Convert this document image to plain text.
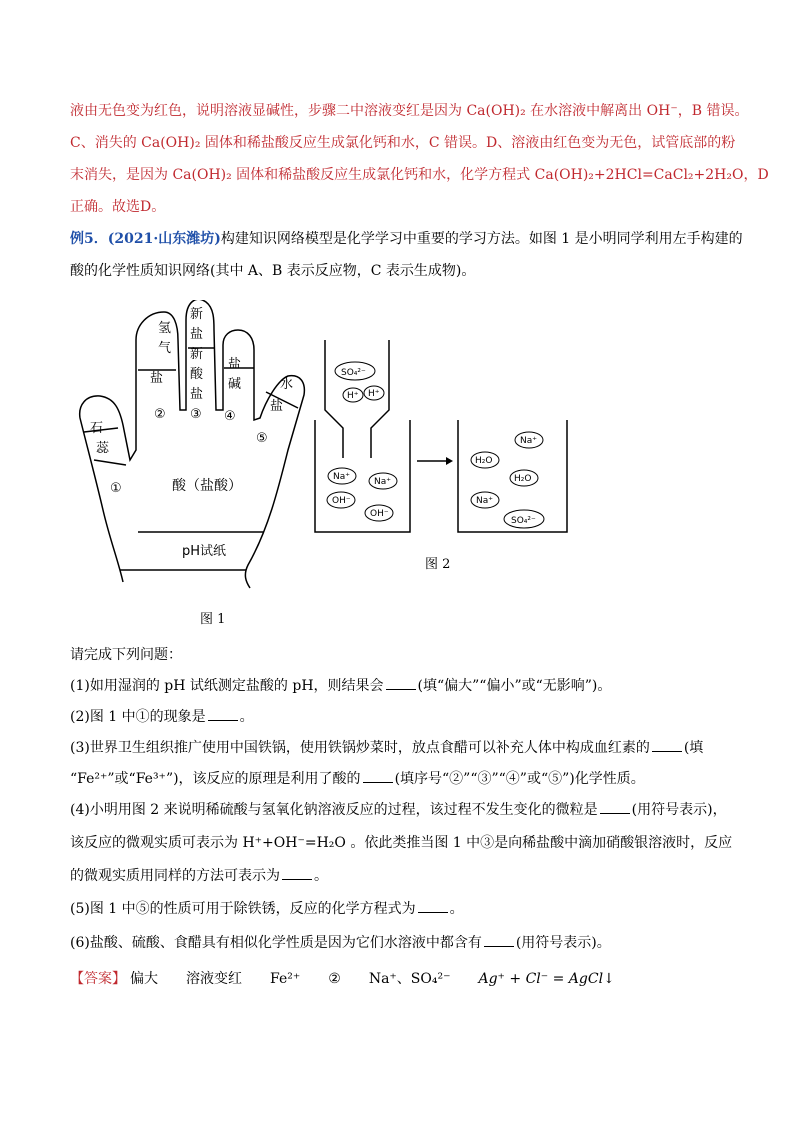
液由无色变为红色，说明溶液显碱性，步骤二中溶液变红是因为 Ca(OH)₂ 在水溶液中解离出 OH⁻，B 错误。
C、消失的 Ca(OH)₂ 固体和稀盐酸反应生成氯化钙和水，C 错误。D、溶液由红色变为无色，试管底部的粉
末消失，是因为 Ca(OH)₂ 固体和稀盐酸反应生成氯化钙和水，化学方程式 Ca(OH)₂+2HCl=CaCl₂+2H₂O，D
正确。故选D。
例5．(2021·山东潍坊)构建知识网络模型是化学学习中重要的学习方法。如图 1 是小明同学利用左手构建的
酸的化学性质知识网络(其中 A、B 表示反应物，C 表示生成物)。
氢
气
盐
新
盐
新
酸
盐
盐
碱	水
盐
石
蕊
①
② ③ ④
⑤
酸（盐酸）
pH试纸
图 1
SO₄²⁻
H⁺ H⁺
Na⁺	Na⁺
OH⁻
OH⁻
H₂O
Na⁺
H₂O
Na⁺
SO₄²⁻
图 2
请完成下列问题：
(1)如用湿润的 pH 试纸测定盐酸的 pH，则结果会 (填“偏大”“偏小”或“无影响”)。
(2)图 1 中①的现象是 。
(3)世界卫生组织推广使用中国铁锅，使用铁锅炒菜时，放点食醋可以补充人体中构成血红素的 (填
“Fe²⁺”或“Fe³⁺”)，该反应的原理是利用了酸的 (填序号“②”“③”“④”或“⑤”)化学性质。
(4)小明用图 2 来说明稀硫酸与氢氧化钠溶液反应的过程，该过程不发生变化的微粒是 (用符号表示)，
该反应的微观实质可表示为 H⁺+OH⁻=H₂O 。依此类推当图 1 中③是向稀盐酸中滴加硝酸银溶液时，反应
的微观实质用同样的方法可表示为 。
(5)图 1 中⑤的性质可用于除铁锈，反应的化学方程式为 。
(6)盐酸、硫酸、食醋具有相似化学性质是因为它们水溶液中都含有 (用符号表示)。
【答案】 偏大 溶液变红 Fe²⁺ ② Na⁺、SO₄²⁻ Ag⁺ + Cl⁻ = AgCl↓
